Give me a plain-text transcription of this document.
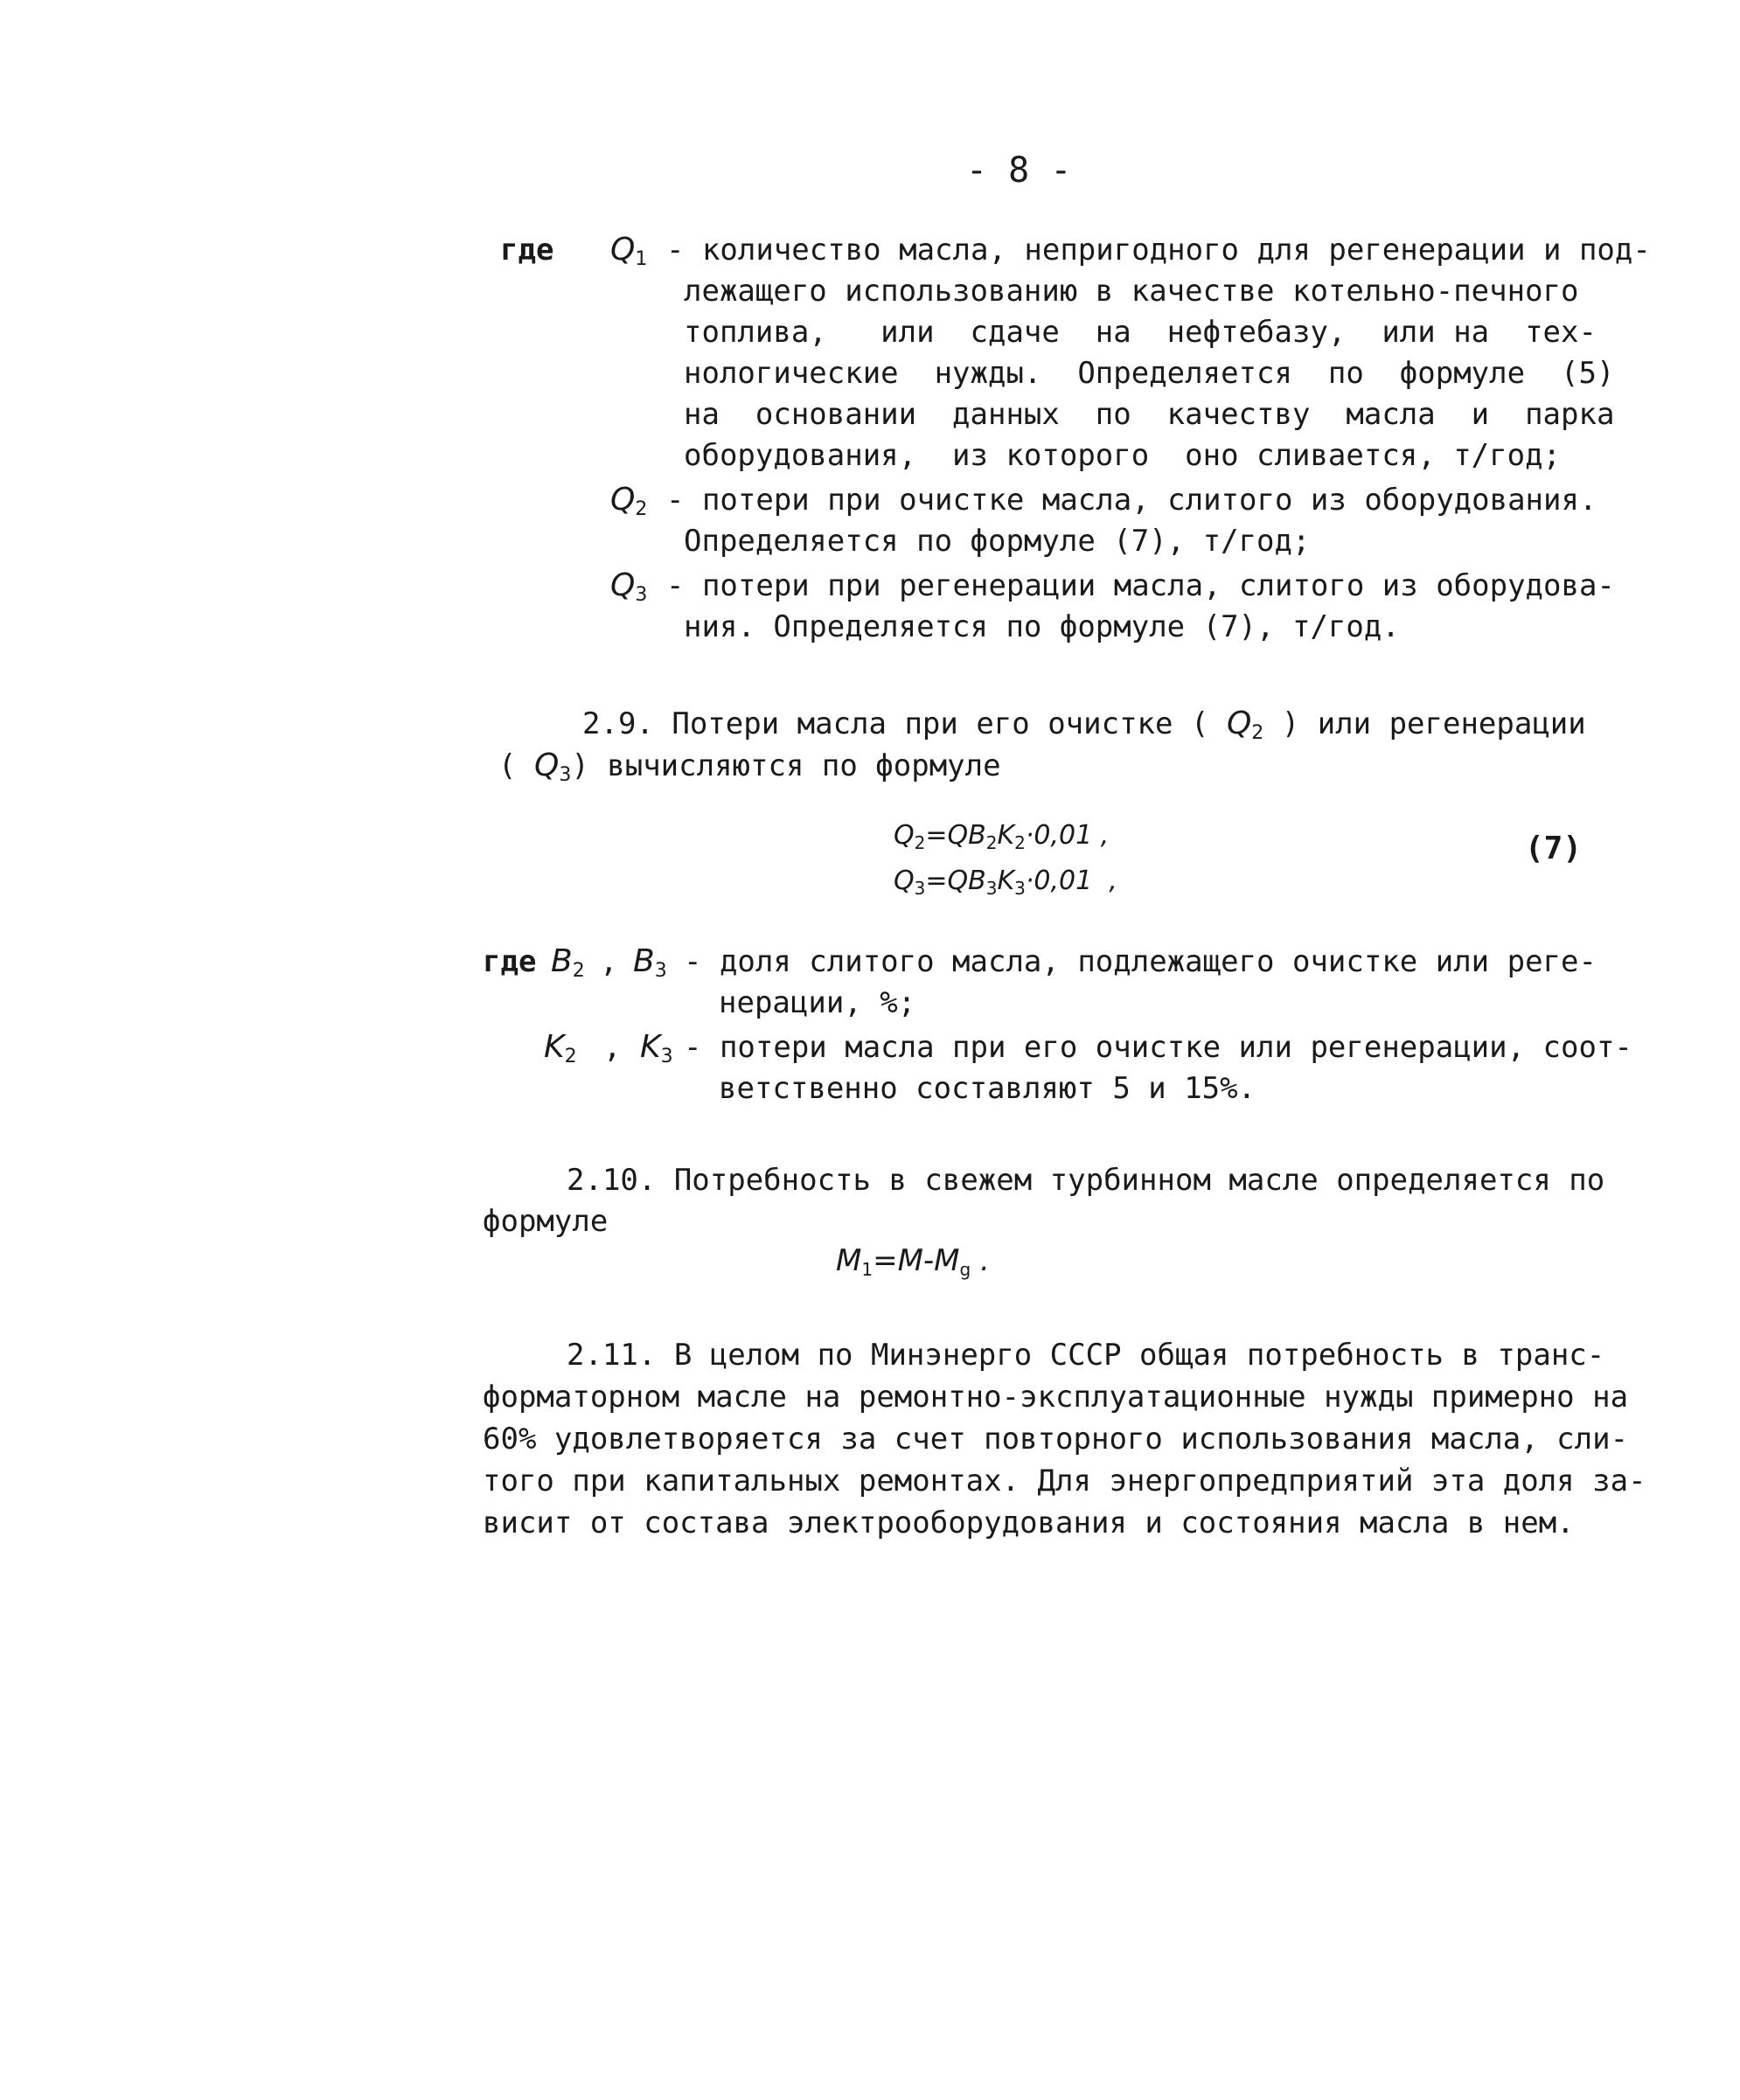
- 8 -
где $Q_1$ - количество масла, непригодного для регенерации и под-
лежащего использованию в качестве котельно-печного
топлива,   или  сдаче  на  нефтебазу,  или на  тех-
нологические  нужды.  Определяется  по  формуле  (5)
на  основании  данных  по  качеству  масла  и  парка
оборудования,  из которого  оно сливается, т/год;
$Q_2$ - потери при очистке масла, слитого из оборудования.
Определяется по формуле (7), т/год;
$Q_3$ - потери при регенерации масла, слитого из оборудова-
ния. Определяется по формуле (7), т/год.
2.9. Потери масла при его очистке ( $Q_2$ ) или регенерации
( $Q_3$) вычисляются по формуле
$Q_2=QB_2K_2\cdot 0,01$ ,
$Q_3=QB_3K_3\cdot 0,01$  ,
(7)
где $B_2$ , $B_3$ - доля слитого масла, подлежащего очистке или реге-
нерации, %;
$K_2$ , $K_3$ - потери масла при его очистке или регенерации, соот-
ветственно составляют 5 и 15%.
2.10. Потребность в свежем турбинном масле определяется по
формуле
$M_1=M-M_g$ .
2.11. В целом по Минэнерго СССР общая потребность в транс-
форматорном масле на ремонтно-эксплуатационные нужды примерно на
60% удовлетворяется за счет повторного использования масла, сли-
того при капитальных ремонтах. Для энергопредприятий эта доля за-
висит от состава электрооборудования и состояния масла в нем.
